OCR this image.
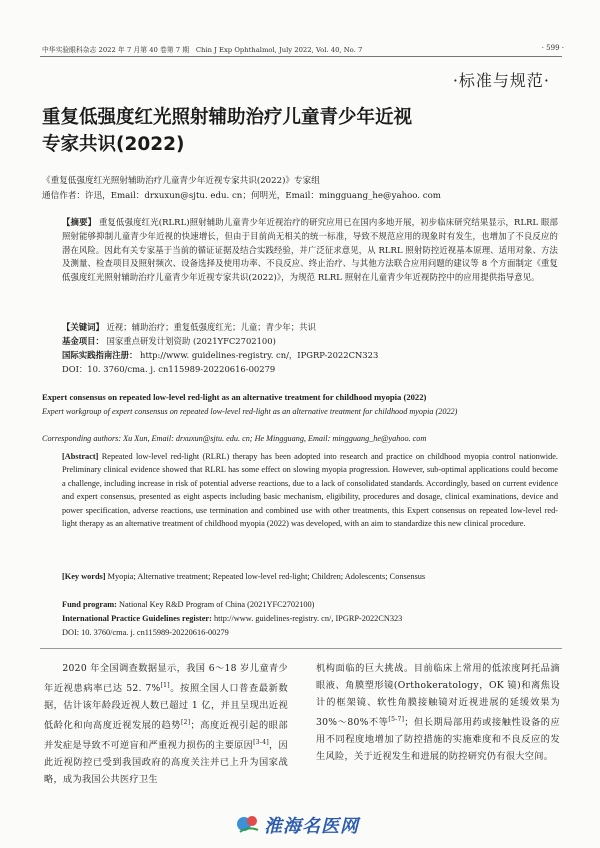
中华实验眼科杂志 2022 年 7 月第 40 卷第 7 期　Chin J Exp Ophthalmol, July 2022, Vol. 40, No. 7	· 599 ·
·标准与规范·
重复低强度红光照射辅助治疗儿童青少年近视
专家共识(2022)
《重复低强度红光照射辅助治疗儿童青少年近视专家共识(2022)》专家组
通信作者：许迅，Email：drxuxun@sjtu. edu. cn；何明光，Email：mingguang_he@yahoo. com
【摘要】 重复低强度红光(RLRL)照射辅助儿童青少年近视治疗的研究应用已在国内多地开展，初步临床研究结果显示，RLRL 眼部照射能够抑制儿童青少年近视的快速增长，但由于目前尚无相关的统一标准，导致不规范应用的现象时有发生，也增加了不良反应的潜在风险。因此有关专家基于当前的循证证据及结合实践经验，并广泛征求意见，从 RLRL 照射防控近视基本原理、适用对象、方法及测量、检查项目及照射频次、设备选择及使用功率、不良反应、终止治疗、与其他方法联合应用问题的建议等 8 个方面制定《重复低强度红光照射辅助治疗儿童青少年近视专家共识(2022)》，为规范 RLRL 照射在儿童青少年近视防控中的应用提供指导意见。
【关键词】 近视；辅助治疗；重复低强度红光；儿童；青少年；共识
基金项目： 国家重点研发计划资助 (2021YFC2702100)
国际实践指南注册： http://www. guidelines-registry. cn/，IPGRP-2022CN323
DOI：10. 3760/cma. j. cn115989-20220616-00279
Expert consensus on repeated low-level red-light as an alternative treatment for childhood myopia (2022)
Expert workgroup of expert consensus on repeated low-level red-light as an alternative treatment for childhood myopia (2022)
Corresponding authors: Xu Xun, Email: drxuxun@sjtu. edu. cn; He Mingguang, Email: mingguang_he@yahoo. com
[Abstract] Repeated low-level red-light (RLRL) therapy has been adopted into research and practice on childhood myopia control nationwide. Preliminary clinical evidence showed that RLRL has some effect on slowing myopia progression. However, sub-optimal applications could become a challenge, including increase in risk of potential adverse reactions, due to a lack of consolidated standards. Accordingly, based on current evidence and expert consensus, presented as eight aspects including basic mechanism, eligibility, procedures and dosage, clinical examinations, device and power specification, adverse reactions, use termination and combined use with other treatments, this Expert consensus on repeated low-level red-light therapy as an alternative treatment of childhood myopia (2022) was developed, with an aim to standardize this new clinical procedure.
[Key words] Myopia; Alternative treatment; Repeated low-level red-light; Children; Adolescents; Consensus
Fund program: National Key R&D Program of China (2021YFC2702100)
International Practice Guidelines register: http://www. guidelines-registry. cn/, IPGRP-2022CN323
DOI: 10. 3760/cma. j. cn115989-20220616-00279
2020 年全国调查数据显示，我国 6～18 岁儿童青少年近视患病率已达 52. 7%[1]。按照全国人口普查最新数据，估计该年龄段近视人数已超过 1 亿，并且呈现出近视低龄化和向高度近视发展的趋势[2]；高度近视引起的眼部并发症是导致不可逆盲和严重视力损伤的主要原因[3-4]，因此近视防控已受到我国政府的高度关注并已上升为国家战略，成为我国公共医疗卫生
机构面临的巨大挑战。目前临床上常用的低浓度阿托品滴眼液、角膜塑形镜(Orthokeratology，OK 镜)和离焦设计的框架镜、软性角膜接触镜对近视进展的延缓效果为 30%～80%不等[5-7]；但长期局部用药或接触性设备的应用不同程度地增加了防控措施的实施难度和不良反应的发生风险，关于近视发生和进展的防控研究仍有很大空间。
淮海名医网
